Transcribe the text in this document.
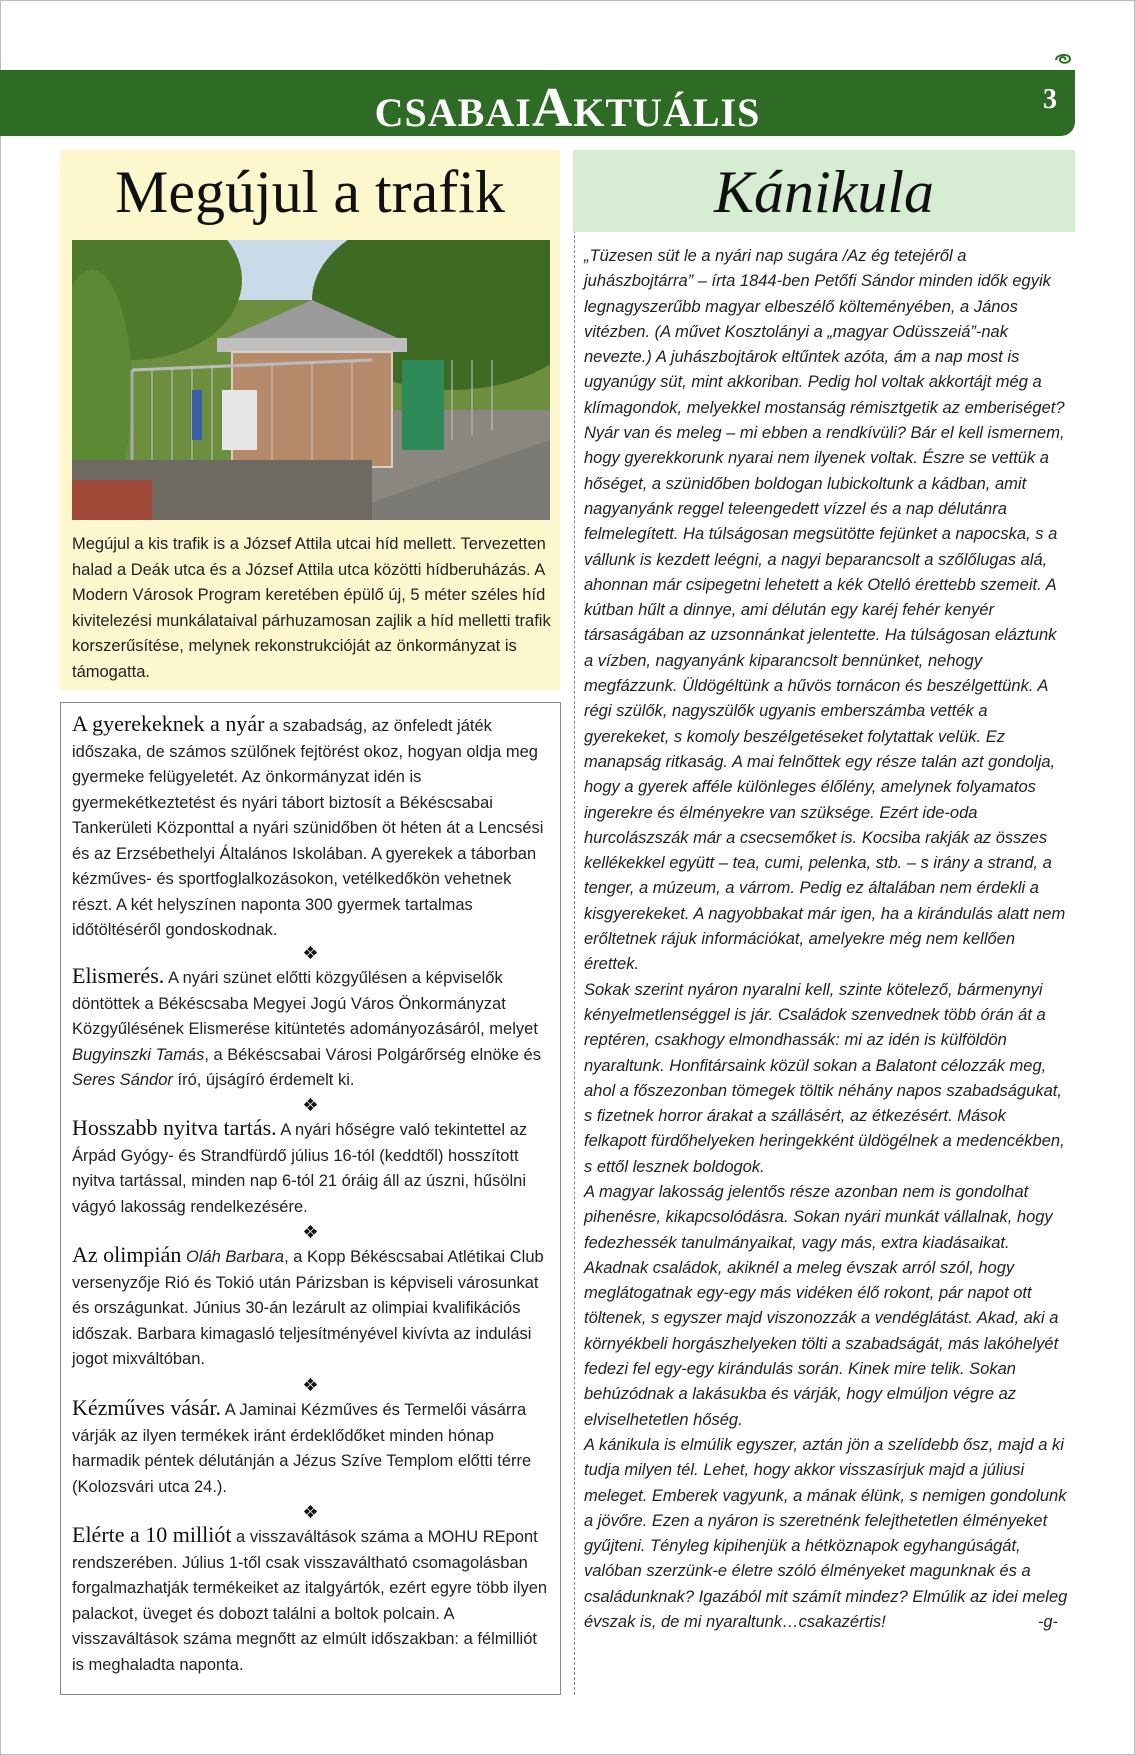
CSABAIAKTUÁLIS	3
Megújul a trafik
Megújul a kis trafik is a József Attila utcai híd mellett. Tervezetten halad a Deák utca és a József Attila utca közötti hídberuházás. A Modern Városok Program keretében épülő új, 5 méter széles híd kivitelezési munkálataival párhuzamosan zajlik a híd melletti trafik korszerűsítése, melynek rekonstrukcióját az önkormányzat is támogatta.
A gyerekeknek a nyár a szabadság, az önfeledt játék időszaka, de számos szülőnek fejtörést okoz, hogyan oldja meg gyermeke felügyeletét. Az önkormányzat idén is gyermekétkeztetést és nyári tábort biztosít a Békéscsabai Tankerületi Központtal a nyári szünidőben öt héten át a Lencsési és az Erzsébethelyi Általános Iskolában. A gyerekek a táborban kézműves- és sportfoglalkozásokon, vetélkedőkön vehetnek részt. A két helyszínen naponta 300 gyermek tartalmas időtöltéséről gondoskodnak.
❖
Elismerés. A nyári szünet előtti közgyűlésen a képviselők döntöttek a Békéscsaba Megyei Jogú Város Önkormányzat Közgyűlésének Elismerése kitüntetés adományozásáról, melyet Bugyinszki Tamás, a Békéscsabai Városi Polgárőrség elnöke és Seres Sándor író, újságíró érdemelt ki.
❖
Hosszabb nyitva tartás. A nyári hőségre való tekintettel az Árpád Gyógy- és Strandfürdő július 16-tól (keddtől) hosszított nyitva tartással, minden nap 6-tól 21 óráig áll az úszni, hűsölni vágyó lakosság rendelkezésére.
❖
Az olimpián Oláh Barbara, a Kopp Békéscsabai Atlétikai Club versenyzője Rió és Tokió után Párizsban is képviseli városunkat és országunkat. Június 30-án lezárult az olimpiai kvalifikációs időszak. Barbara kimagasló teljesítményével kivívta az indulási jogot mixváltóban.
❖
Kézműves vásár. A Jaminai Kézműves és Termelői vásárra várják az ilyen termékek iránt érdeklődőket minden hónap harmadik péntek délutánján a Jézus Szíve Templom előtti térre (Kolozsvári utca 24.).
❖
Elérte a 10 milliót a visszaváltások száma a MOHU REpont rendszerében. Július 1-től csak visszaváltható csomagolásban forgalmazhatják termékeiket az italgyártók, ezért egyre több ilyen palackot, üveget és dobozt találni a boltok polcain. A visszaváltások száma megnőtt az elmúlt időszakban: a félmilliót is meghaladta naponta.
Kánikula

„Tüzesen süt le a nyári nap sugára /Az ég tetejéről a juhászbojtárra” – írta 1844-ben Petőfi Sándor minden idők egyik legnagyszerűbb magyar elbeszélő költeményében, a János vitézben. (A művet Kosztolányi a „magyar Odüsszeiá”-nak nevezte.) A juhászbojtárok eltűntek azóta, ám a nap most is ugyanúgy süt, mint akkoriban. Pedig hol voltak akkortájt még a klímagondok, melyekkel mostanság rémisztgetik az emberiséget? Nyár van és meleg – mi ebben a rendkívüli? Bár el kell ismernem, hogy gyerekkorunk nyarai nem ilyenek voltak. Észre se vettük a hőséget, a szünidőben boldogan lubickoltunk a kádban, amit nagyanyánk reggel teleengedett vízzel és a nap délutánra felmelegített. Ha túlságosan megsütötte fejünket a napocska, s a vállunk is kezdett leégni, a nagyi beparancsolt a szőlőlugas alá, ahonnan már csipegetni lehetett a kék Otelló érettebb szemeit. A kútban hűlt a dinnye, ami délután egy karéj fehér kenyér társaságában az uzsonnánkat jelentette. Ha túlságosan eláztunk a vízben, nagyanyánk kiparancsolt bennünket, nehogy megfázzunk. Üldögéltünk a hűvös tornácon és beszélgettünk. A régi szülők, nagyszülők ugyanis emberszámba vették a gyerekeket, s komoly beszélgetéseket folytattak velük. Ez manapság ritkaság. A mai felnőttek egy része talán azt gondolja, hogy a gyerek afféle különleges élőlény, amelynek folyamatos ingerekre és élményekre van szüksége. Ezért ide-oda hurcolászszák már a csecsemőket is. Kocsiba rakják az összes kellékekkel együtt – tea, cumi, pelenka, stb. – s irány a strand, a tenger, a múzeum, a várrom. Pedig ez általában nem érdekli a kisgyerekeket. A nagyobbakat már igen, ha a kirándulás alatt nem erőltetnek rájuk információkat, amelyekre még nem kellően érettek.

Sokak szerint nyáron nyaralni kell, szinte kötelező, bármenynyi kényelmetlenséggel is jár. Családok szenvednek több órán át a reptéren, csakhogy elmondhassák: mi az idén is külföldön nyaraltunk. Honfitársaink közül sokan a Balatont célozzák meg, ahol a főszezonban tömegek töltik néhány napos szabadságukat, s fizetnek horror árakat a szállásért, az étkezésért. Mások felkapott fürdőhelyeken heringekként üldögélnek a medencékben, s ettől lesznek boldogok.

A magyar lakosság jelentős része azonban nem is gondolhat pihenésre, kikapcsolódásra. Sokan nyári munkát vállalnak, hogy fedezhessék tanulmányaikat, vagy más, extra kiadásaikat. Akadnak családok, akiknél a meleg évszak arról szól, hogy meglátogatnak egy-egy más vidéken élő rokont, pár napot ott töltenek, s egyszer majd viszonozzák a vendéglátást. Akad, aki a környékbeli horgászhelyeken tölti a szabadságát, más lakóhelyét fedezi fel egy-egy kirándulás során. Kinek mire telik. Sokan behúzódnak a lakásukba és várják, hogy elmúljon végre az elviselhetetlen hőség.

A kánikula is elmúlik egyszer, aztán jön a szelídebb ősz, majd a ki tudja milyen tél. Lehet, hogy akkor visszasírjuk majd a júliusi meleget. Emberek vagyunk, a mának élünk, s nemigen gondolunk a jövőre. Ezen a nyáron is szeretnénk felejthetetlen élményeket gyűjteni. Tényleg kipihenjük a hétköznapok egyhangúságát, valóban szerzünk-e életre szóló élményeket magunknak és a családunknak? Igazából mit számít mindez? Elmúlik az idei meleg évszak is, de mi nyaraltunk…csakazértis!	-g-
